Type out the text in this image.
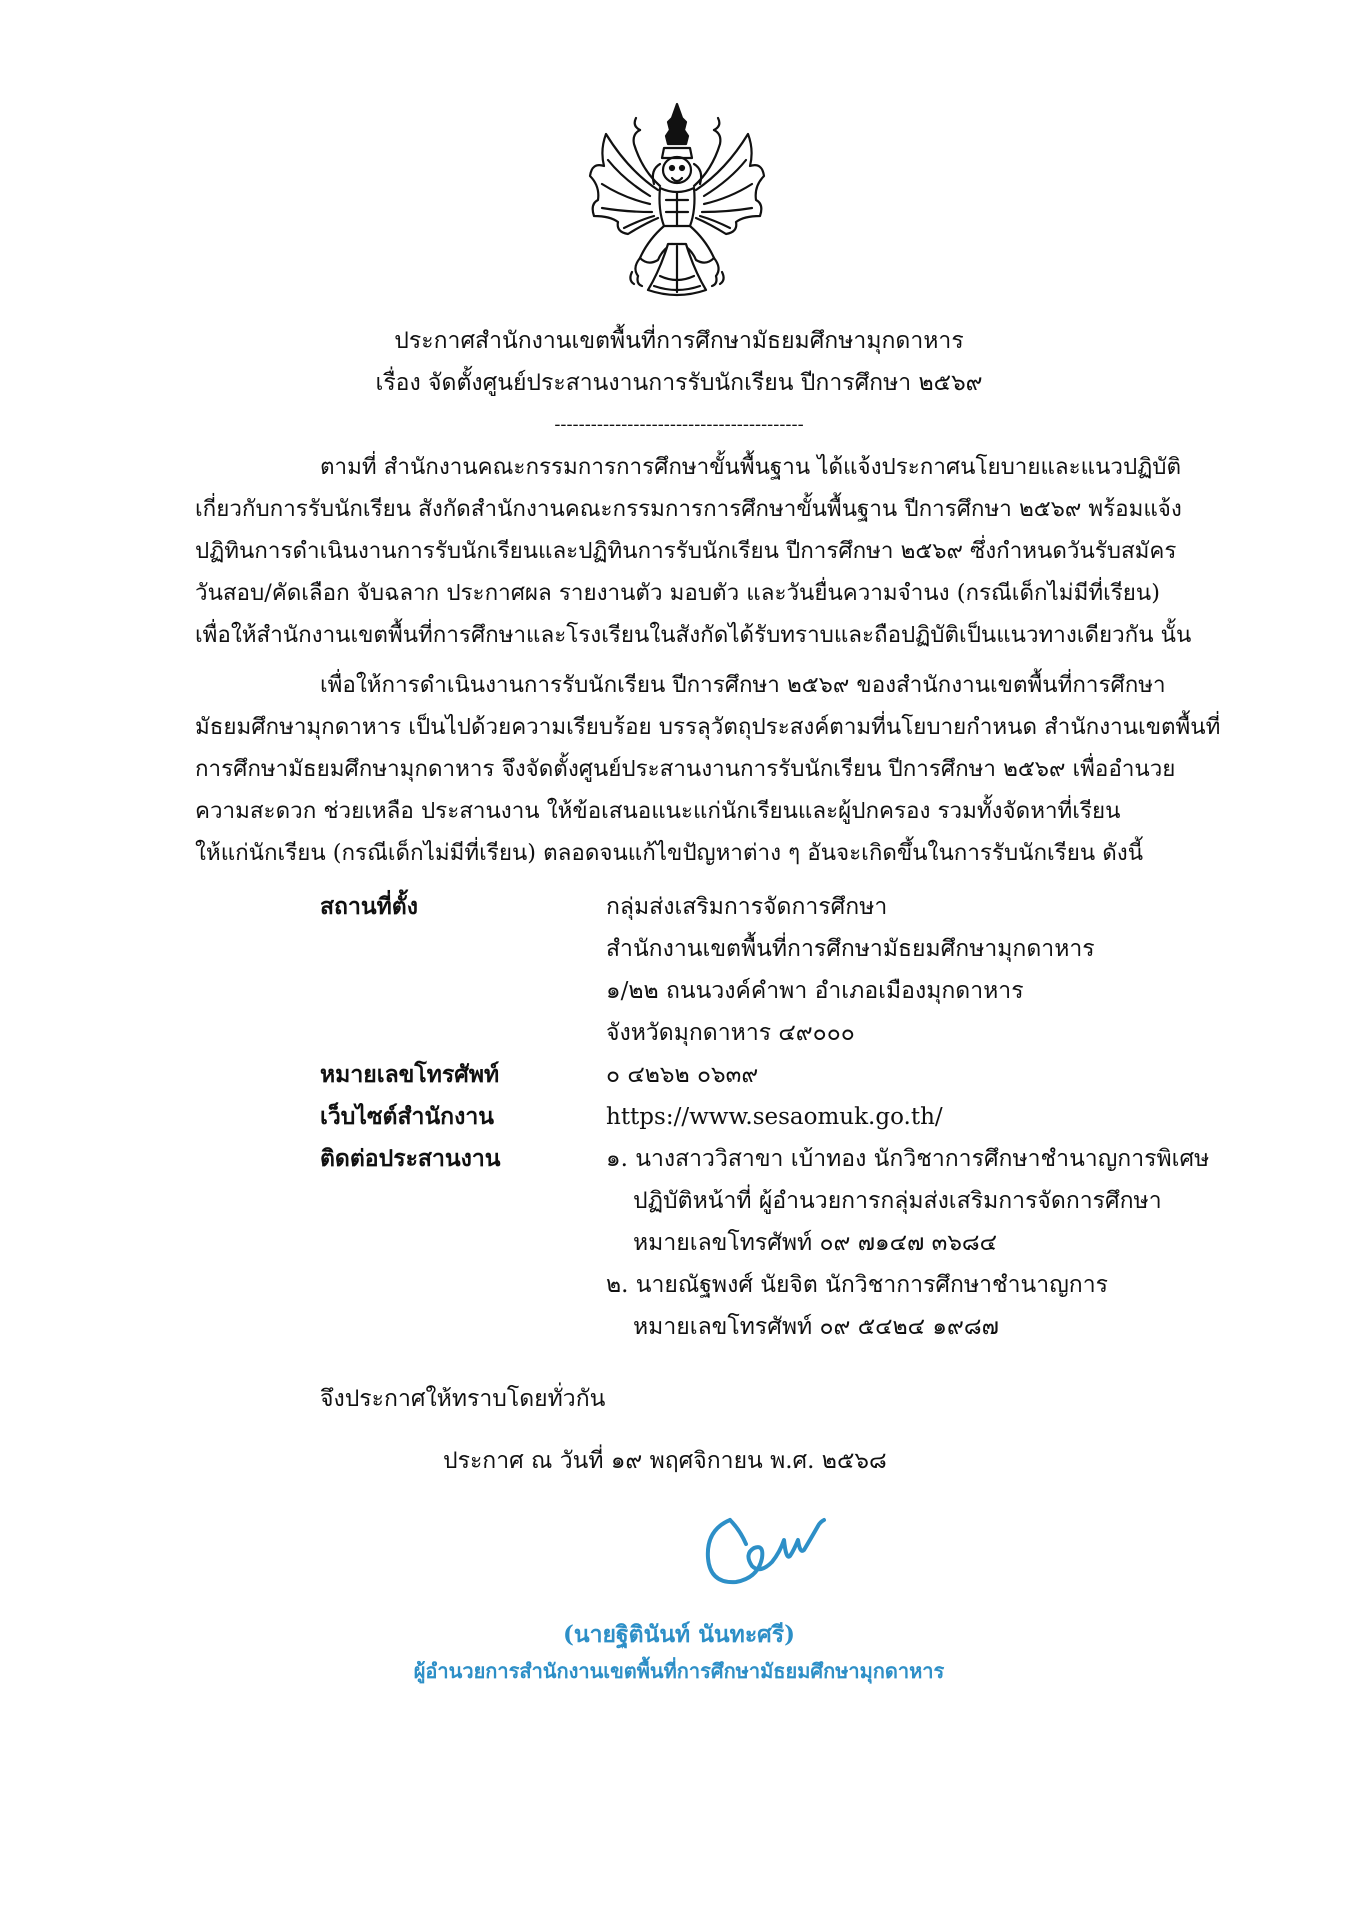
ประกาศสำนักงานเขตพื้นที่การศึกษามัธยมศึกษามุกดาหาร
เรื่อง จัดตั้งศูนย์ประสานงานการรับนักเรียน ปีการศึกษา ๒๕๖๙
-----------------------------------------
ตามที่ สำนักงานคณะกรรมการการศึกษาขั้นพื้นฐาน ได้แจ้งประกาศนโยบายและแนวปฏิบัติ
เกี่ยวกับการรับนักเรียน สังกัดสำนักงานคณะกรรมการการศึกษาขั้นพื้นฐาน ปีการศึกษา ๒๕๖๙ พร้อมแจ้ง
ปฏิทินการดำเนินงานการรับนักเรียนและปฏิทินการรับนักเรียน ปีการศึกษา ๒๕๖๙ ซึ่งกำหนดวันรับสมัคร
วันสอบ/คัดเลือก จับฉลาก ประกาศผล รายงานตัว มอบตัว และวันยื่นความจำนง (กรณีเด็กไม่มีที่เรียน)
เพื่อให้สำนักงานเขตพื้นที่การศึกษาและโรงเรียนในสังกัดได้รับทราบและถือปฏิบัติเป็นแนวทางเดียวกัน นั้น
เพื่อให้การดำเนินงานการรับนักเรียน ปีการศึกษา ๒๕๖๙ ของสำนักงานเขตพื้นที่การศึกษา
มัธยมศึกษามุกดาหาร เป็นไปด้วยความเรียบร้อย บรรลุวัตถุประสงค์ตามที่นโยบายกำหนด สำนักงานเขตพื้นที่
การศึกษามัธยมศึกษามุกดาหาร จึงจัดตั้งศูนย์ประสานงานการรับนักเรียน ปีการศึกษา ๒๕๖๙ เพื่ออำนวย
ความสะดวก ช่วยเหลือ ประสานงาน ให้ข้อเสนอแนะแก่นักเรียนและผู้ปกครอง รวมทั้งจัดหาที่เรียน
ให้แก่นักเรียน (กรณีเด็กไม่มีที่เรียน) ตลอดจนแก้ไขปัญหาต่าง ๆ อันจะเกิดขึ้นในการรับนักเรียน ดังนี้
สถานที่ตั้ง	กลุ่มส่งเสริมการจัดการศึกษา
สำนักงานเขตพื้นที่การศึกษามัธยมศึกษามุกดาหาร
๑/๒๒ ถนนวงค์คำพา อำเภอเมืองมุกดาหาร
จังหวัดมุกดาหาร ๔๙๐๐๐
หมายเลขโทรศัพท์	๐ ๔๒๖๒ ๐๖๓๙
เว็บไซต์สำนักงาน	https://www.sesaomuk.go.th/
ติดต่อประสานงาน	๑. นางสาววิสาขา เบ้าทอง นักวิชาการศึกษาชำนาญการพิเศษ
ปฏิบัติหน้าที่ ผู้อำนวยการกลุ่มส่งเสริมการจัดการศึกษา
หมายเลขโทรศัพท์ ๐๙ ๗๑๔๗ ๓๖๘๔
๒. นายณัฐพงศ์ นัยจิต นักวิชาการศึกษาชำนาญการ
หมายเลขโทรศัพท์ ๐๙ ๕๔๒๔ ๑๙๘๗
จึงประกาศให้ทราบโดยทั่วกัน
ประกาศ ณ วันที่ ๑๙ พฤศจิกายน พ.ศ. ๒๕๖๘
(นายฐิตินันท์ นันทะศรี)
ผู้อำนวยการสำนักงานเขตพื้นที่การศึกษามัธยมศึกษามุกดาหาร
